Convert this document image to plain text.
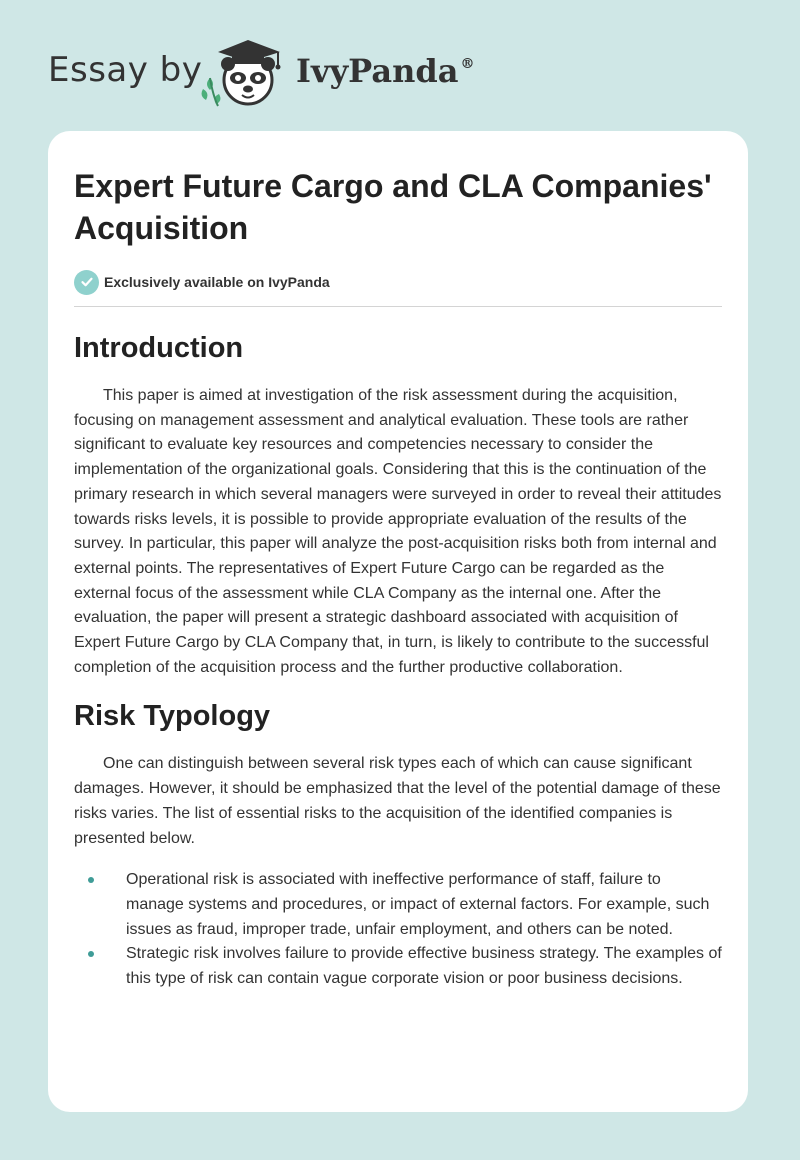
Essay by	IvyPanda ®
Expert Future Cargo and CLA Companies' Acquisition
Exclusively available on IvyPanda
Introduction

This paper is aimed at investigation of the risk assessment during the acquisition, focusing on management assessment and analytical evaluation. These tools are rather significant to evaluate key resources and competencies necessary to consider the implementation of the organizational goals. Considering that this is the continuation of the primary research in which several managers were surveyed in order to reveal their attitudes towards risks levels, it is possible to provide appropriate evaluation of the results of the survey. In particular, this paper will analyze the post-acquisition risks both from internal and external points. The representatives of Expert Future Cargo can be regarded as the external focus of the assessment while CLA Company as the internal one. After the evaluation, the paper will present a strategic dashboard associated with acquisition of Expert Future Cargo by CLA Company that, in turn, is likely to contribute to the successful completion of the acquisition process and the further productive collaboration.

Risk Typology

One can distinguish between several risk types each of which can cause significant damages. However, it should be emphasized that the level of the potential damage of these risks varies. The list of essential risks to the acquisition of the identified companies is presented below.

Operational risk is associated with ineffective performance of staff, failure to manage systems and procedures, or impact of external factors. For example, such issues as fraud, improper trade, unfair employment, and others can be noted.
Strategic risk involves failure to provide effective business strategy. The examples of this type of risk can contain vague corporate vision or poor business decisions.
